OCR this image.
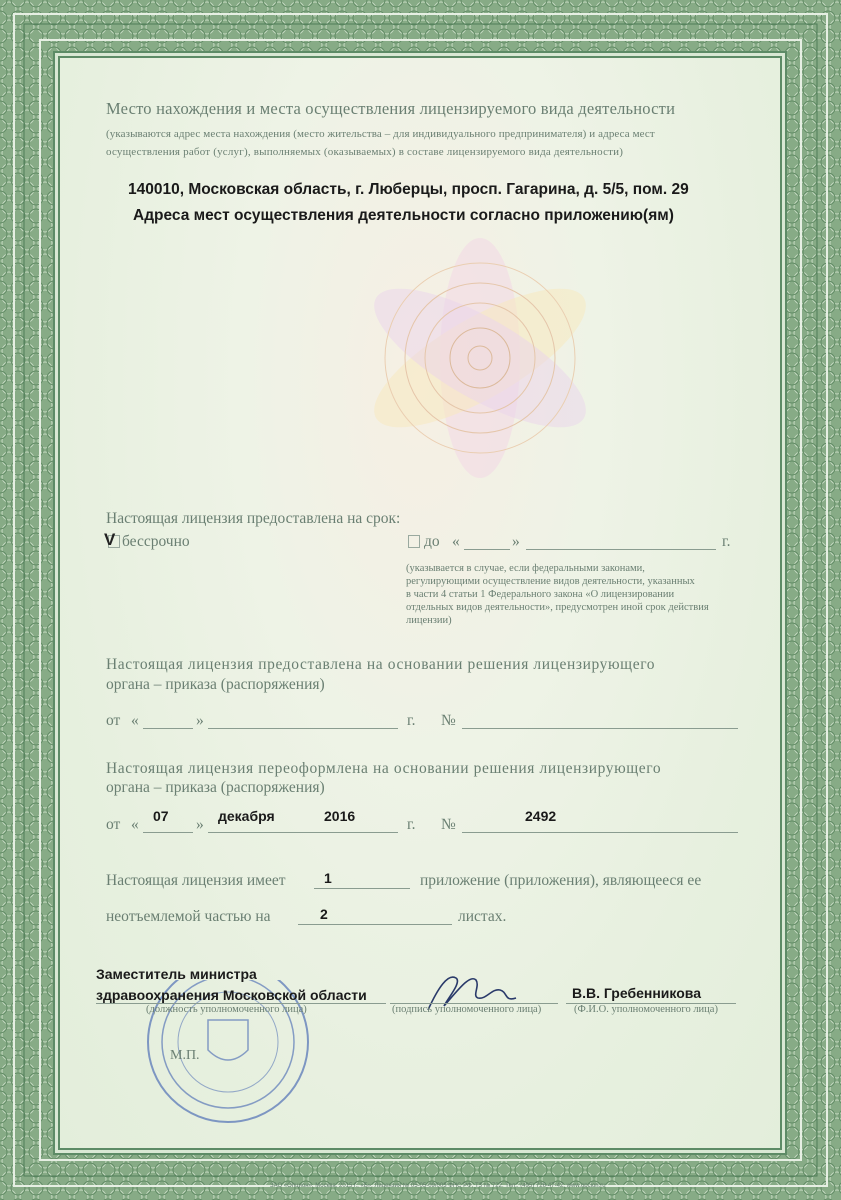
Место нахождения и места осуществления лицензируемого вида деятельности
(указываются адрес места нахождения (место жительства – для индивидуального предпринимателя) и адреса мест
осуществления работ (услуг), выполняемых (оказываемых) в составе лицензируемого вида деятельности)
140010, Московская область, г. Люберцы, просп. Гагарина, д. 5/5, пом. 29
Адреса мест осуществления деятельности согласно приложению(ям)
Настоящая лицензия предоставлена на срок:
V бессрочно	до «	»	г.
(указывается в случае, если федеральными законами,
регулирующими осуществление видов деятельности, указанных
в части 4 статьи 1 Федерального закона «О лицензировании
отдельных видов деятельности», предусмотрен иной срок действия
лицензии)
Настоящая лицензия предоставлена на основании решения лицензирующего
органа – приказа (распоряжения)
от «	»	г. №
Настоящая лицензия переоформлена на основании решения лицензирующего
органа – приказа (распоряжения)
от « 07 » декабря	2016	г. №	2492
Настоящая лицензия имеет	1	приложение (приложения), являющееся ее
неотъемлемой частью на	2	листах.
Заместитель министра
здравоохранения Московской области
(должность уполномоченного лица)	(подпись уполномоченного лица)
В.В. Гребенникова
(Ф.И.О. уполномоченного лица)
М.П.
ЗАО «Опцион», Москва, 2015 г., «Б». Лицензия № 05-05-09/003 ФНС РФ, ТЗ № 722. Тел.: (495) 726-47-42, www.opcion.ru
